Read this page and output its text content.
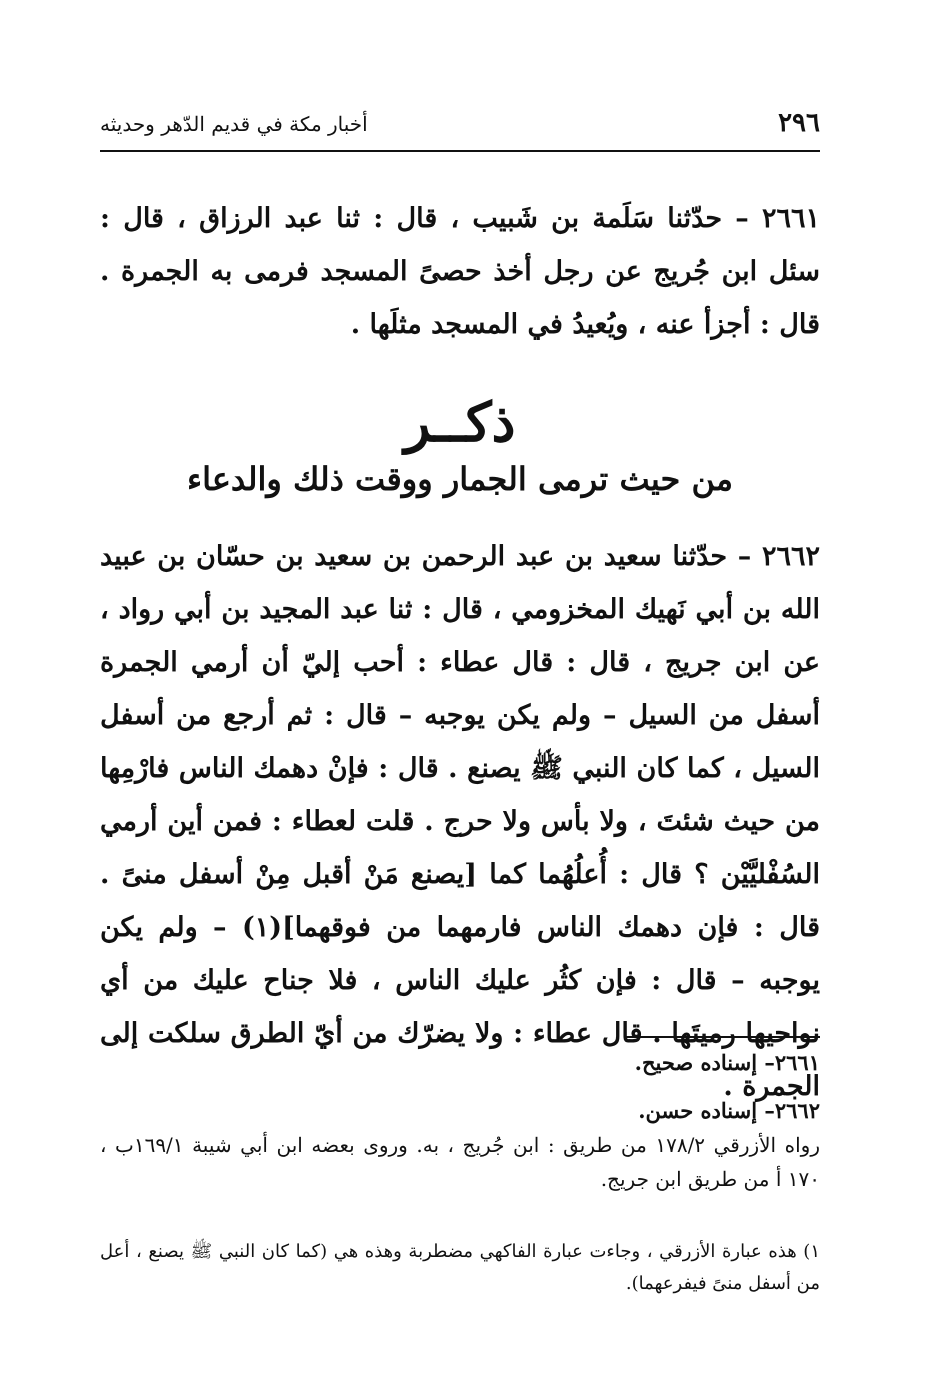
٢٩٦
أخبار مكة في قديم الدّهر وحديثه
٢٦٦١ – حدّثنا سَلَمة بن شَبيب ، قال : ثنا عبد الرزاق ، قال : سئل ابن جُريج عن رجل أخذ حصىً المسجد فرمى به الجمرة . قال : أجزأ عنه ، ويُعيدُ في المسجد مثلَها .
ذكــر
من حيث ترمى الجمار ووقت ذلك والدعاء
٢٦٦٢ – حدّثنا سعيد بن عبد الرحمن بن سعيد بن حسّان بن عبيد الله بن أبي نَهيك المخزومي ، قال : ثنا عبد المجيد بن أبي رواد ، عن ابن جريج ، قال : قال عطاء : أحب إليّ أن أرمي الجمرة أسفل من السيل – ولم يكن يوجبه – قال : ثم أرجع من أسفل السيل ، كما كان النبي ﷺ يصنع . قال : فإنْ دهمك الناس فارْمِها من حيث شئتَ ، ولا بأس ولا حرج . قلت لعطاء : فمن أين أرمي السُفْليَّيْن ؟ قال : أُعلُهُما كما [يصنع مَنْ أقبل مِنْ أسفل منىً . قال : فإن دهمك الناس فارمهما من فوقهما](١) – ولم يكن يوجبه – قال : فإن كثُر عليك الناس ، فلا جناح عليك من أي نواحيها رميتَها . قال عطاء : ولا يضرّك من أيّ الطرق سلكت إلى الجمرة .
٢٦٦١– إسناده صحيح.
٢٦٦٢– إسناده حسن.
رواه الأزرقي ١٧٨/٢ من طريق : ابن جُريج ، به. وروى بعضه ابن أبي شيبة ١٦٩/١ب ، ١٧٠ أ من طريق ابن جريج.
١) هذه عبارة الأزرقي ، وجاءت عبارة الفاكهي مضطربة وهذه هي (كما كان النبي ﷺ يصنع ، أعل من أسفل منىً فيفرعهما).
